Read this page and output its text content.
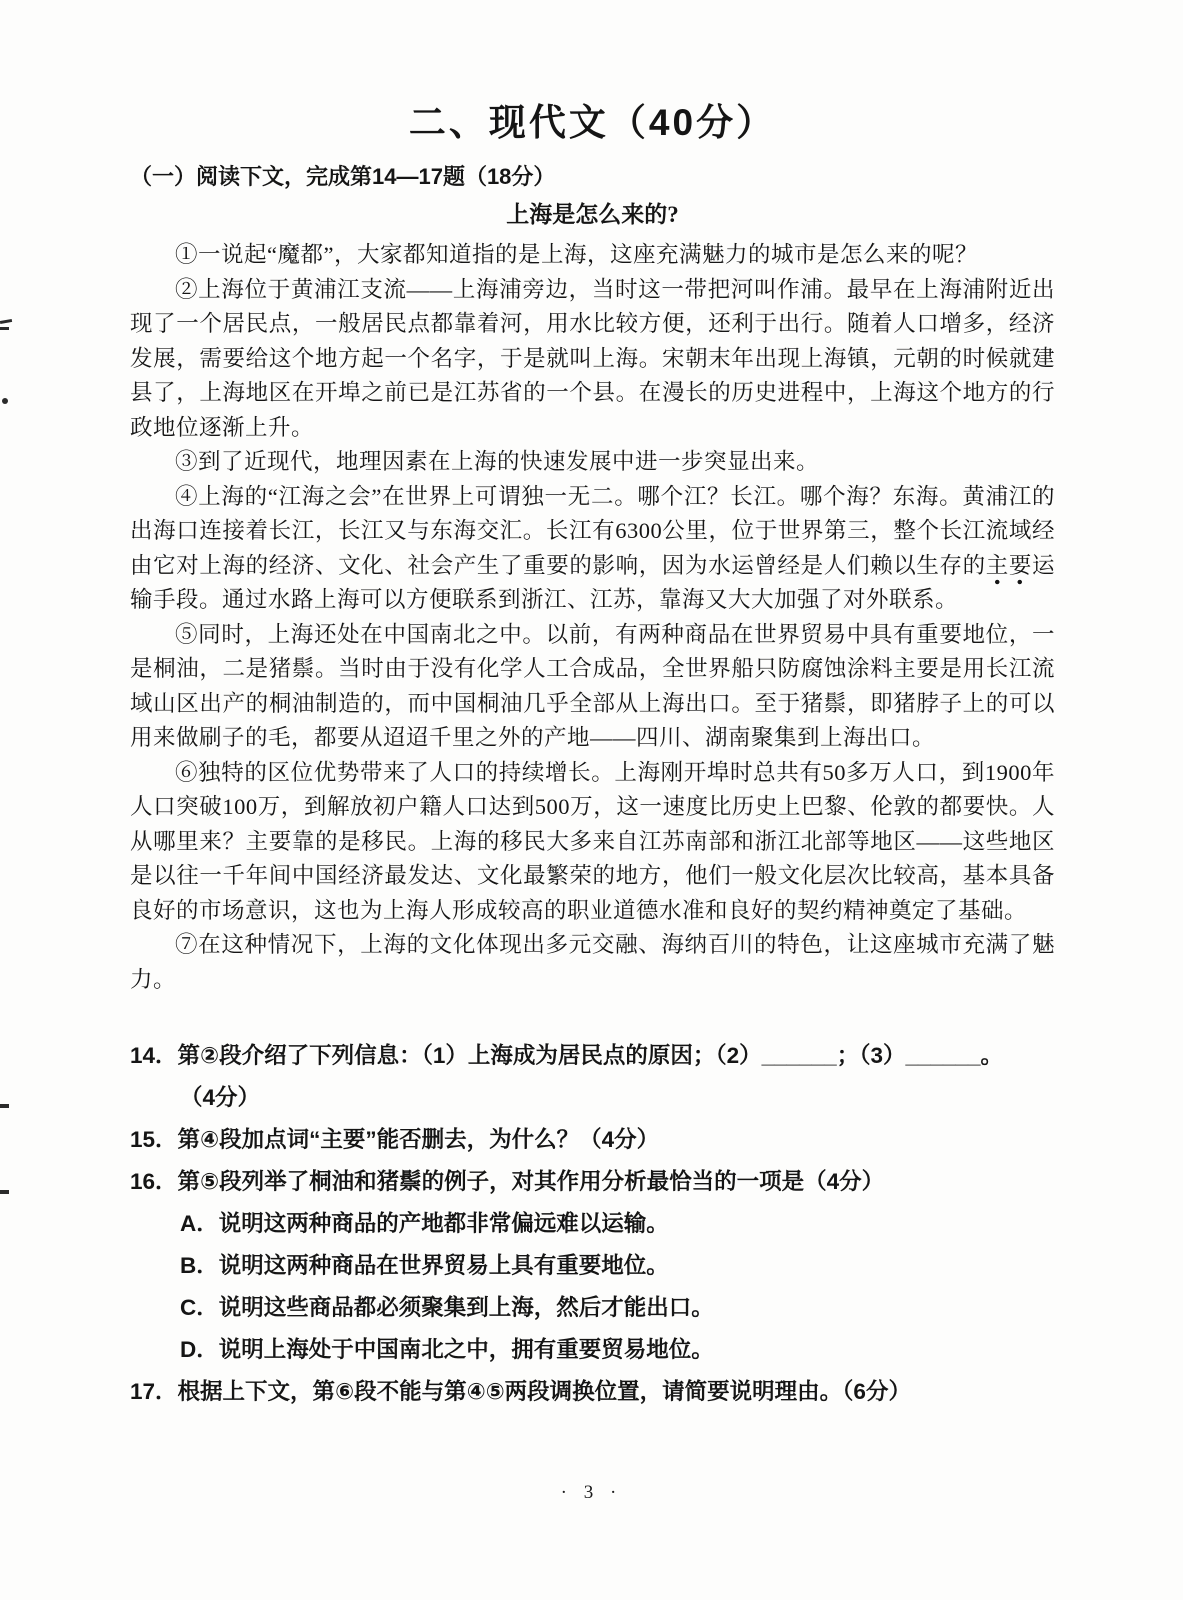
二、现代文（40分）
（一）阅读下文，完成第14—17题（18分）
上海是怎么来的?

①一说起“魔都”，大家都知道指的是上海，这座充满魅力的城市是怎么来的呢？

②上海位于黄浦江支流——上海浦旁边，当时这一带把河叫作浦。最早在上海浦附近出现了一个居民点，一般居民点都靠着河，用水比较方便，还利于出行。随着人口增多，经济发展，需要给这个地方起一个名字，于是就叫上海。宋朝末年出现上海镇，元朝的时候就建县了，上海地区在开埠之前已是江苏省的一个县。在漫长的历史进程中，上海这个地方的行政地位逐渐上升。

③到了近现代，地理因素在上海的快速发展中进一步突显出来。

④上海的“江海之会”在世界上可谓独一无二。哪个江？长江。哪个海？东海。黄浦江的出海口连接着长江，长江又与东海交汇。长江有6300公里，位于世界第三，整个长江流域经由它对上海的经济、文化、社会产生了重要的影响，因为水运曾经是人们赖以生存的主要运输手段。通过水路上海可以方便联系到浙江、江苏，靠海又大大加强了对外联系。

⑤同时，上海还处在中国南北之中。以前，有两种商品在世界贸易中具有重要地位，一是桐油，二是猪鬃。当时由于没有化学人工合成品，全世界船只防腐蚀涂料主要是用长江流域山区出产的桐油制造的，而中国桐油几乎全部从上海出口。至于猪鬃，即猪脖子上的可以用来做刷子的毛，都要从迢迢千里之外的产地——四川、湖南聚集到上海出口。

⑥独特的区位优势带来了人口的持续增长。上海刚开埠时总共有50多万人口，到1900年人口突破100万，到解放初户籍人口达到500万，这一速度比历史上巴黎、伦敦的都要快。人从哪里来？主要靠的是移民。上海的移民大多来自江苏南部和浙江北部等地区——这些地区是以往一千年间中国经济最发达、文化最繁荣的地方，他们一般文化层次比较高，基本具备良好的市场意识，这也为上海人形成较高的职业道德水准和良好的契约精神奠定了基础。

⑦在这种情况下，上海的文化体现出多元交融、海纳百川的特色，让这座城市充满了魅力。

14．第②段介绍了下列信息：（1）上海成为居民点的原因；（2）______；（3）______。
（4分）
15．第④段加点词“主要”能否删去，为什么？（4分）
16．第⑤段列举了桐油和猪鬃的例子，对其作用分析最恰当的一项是（4分）
A．说明这两种商品的产地都非常偏远难以运输。
B．说明这两种商品在世界贸易上具有重要地位。
C．说明这些商品都必须聚集到上海，然后才能出口。
D．说明上海处于中国南北之中，拥有重要贸易地位。
17．根据上下文，第⑥段不能与第④⑤两段调换位置，请简要说明理由。（6分）
· 3 ·
